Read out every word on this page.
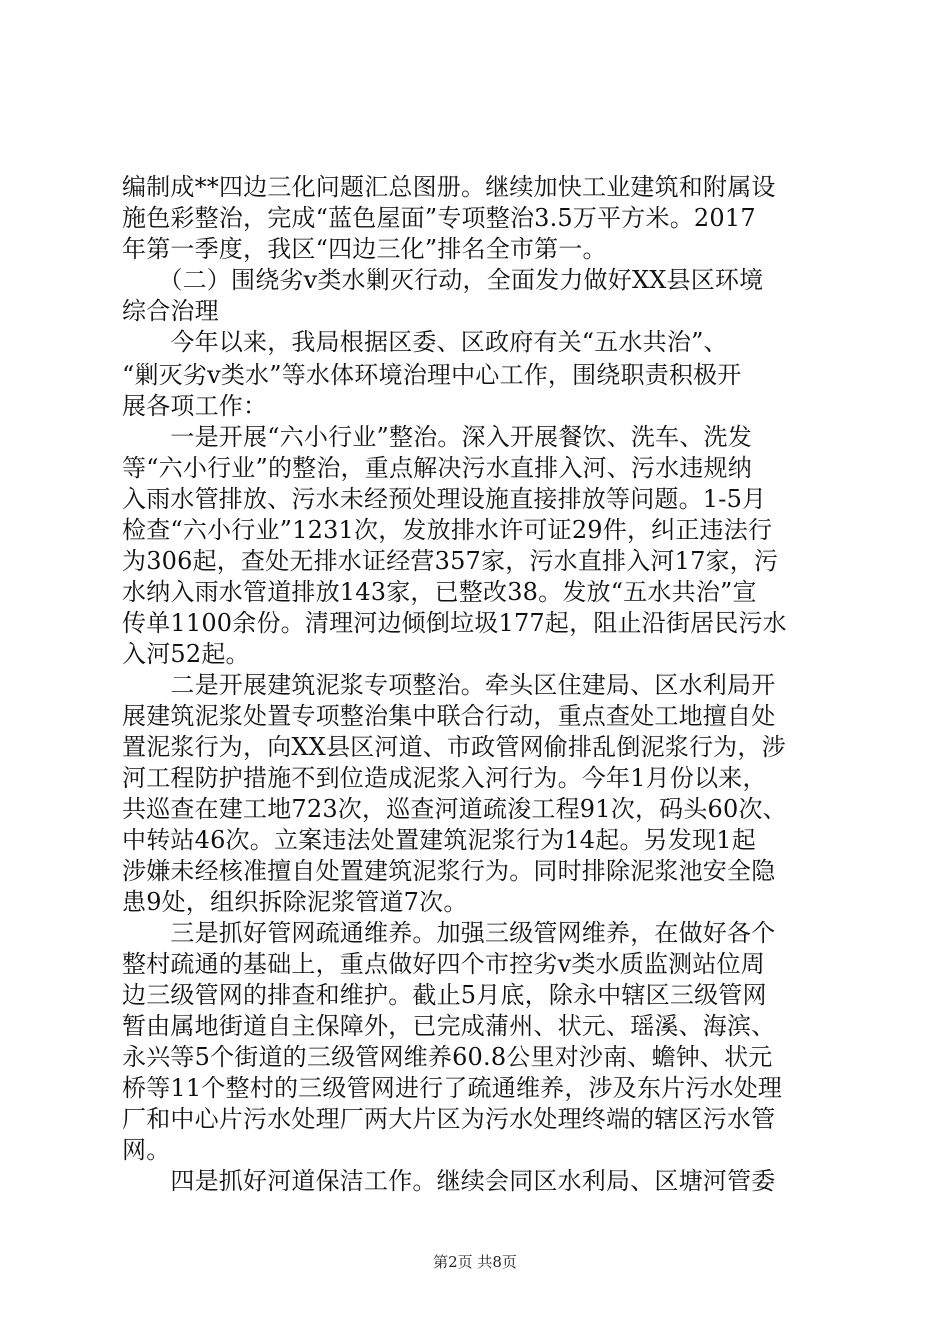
编制成**四边三化问题汇总图册。继续加快工业建筑和附属设

施色彩整治，完成“蓝色屋面”专项整治3.5万平方米。2017

年第一季度，我区“四边三化”排名全市第一。

　　（二）围绕劣v类水剿灭行动，全面发力做好XX县区环境

综合治理

　　今年以来，我局根据区委、区政府有关“五水共治”、

“剿灭劣v类水”等水体环境治理中心工作，围绕职责积极开

展各项工作：

　　一是开展“六小行业”整治。深入开展餐饮、洗车、洗发

等“六小行业”的整治，重点解决污水直排入河、污水违规纳

入雨水管排放、污水未经预处理设施直接排放等问题。1-5月

检查“六小行业”1231次，发放排水许可证29件，纠正违法行

为306起，查处无排水证经营357家，污水直排入河17家，污

水纳入雨水管道排放143家，已整改38。发放“五水共治”宣

传单1100余份。清理河边倾倒垃圾177起，阻止沿街居民污水

入河52起。

　　二是开展建筑泥浆专项整治。牵头区住建局、区水利局开

展建筑泥浆处置专项整治集中联合行动，重点查处工地擅自处

置泥浆行为，向XX县区河道、市政管网偷排乱倒泥浆行为，涉

河工程防护措施不到位造成泥浆入河行为。今年1月份以来，

共巡查在建工地723次，巡查河道疏浚工程91次，码头60次、

中转站46次。立案违法处置建筑泥浆行为14起。另发现1起

涉嫌未经核准擅自处置建筑泥浆行为。同时排除泥浆池安全隐

患9处，组织拆除泥浆管道7次。

　　三是抓好管网疏通维养。加强三级管网维养，在做好各个

整村疏通的基础上，重点做好四个市控劣v类水质监测站位周

边三级管网的排查和维护。截止5月底，除永中辖区三级管网

暂由属地街道自主保障外，已完成蒲州、状元、瑶溪、海滨、

永兴等5个街道的三级管网维养60.8公里对沙南、蟾钟、状元

桥等11个整村的三级管网进行了疏通维养，涉及东片污水处理

厂和中心片污水处理厂两大片区为污水处理终端的辖区污水管

网。

　　四是抓好河道保洁工作。继续会同区水利局、区塘河管委

第2页 共8页
